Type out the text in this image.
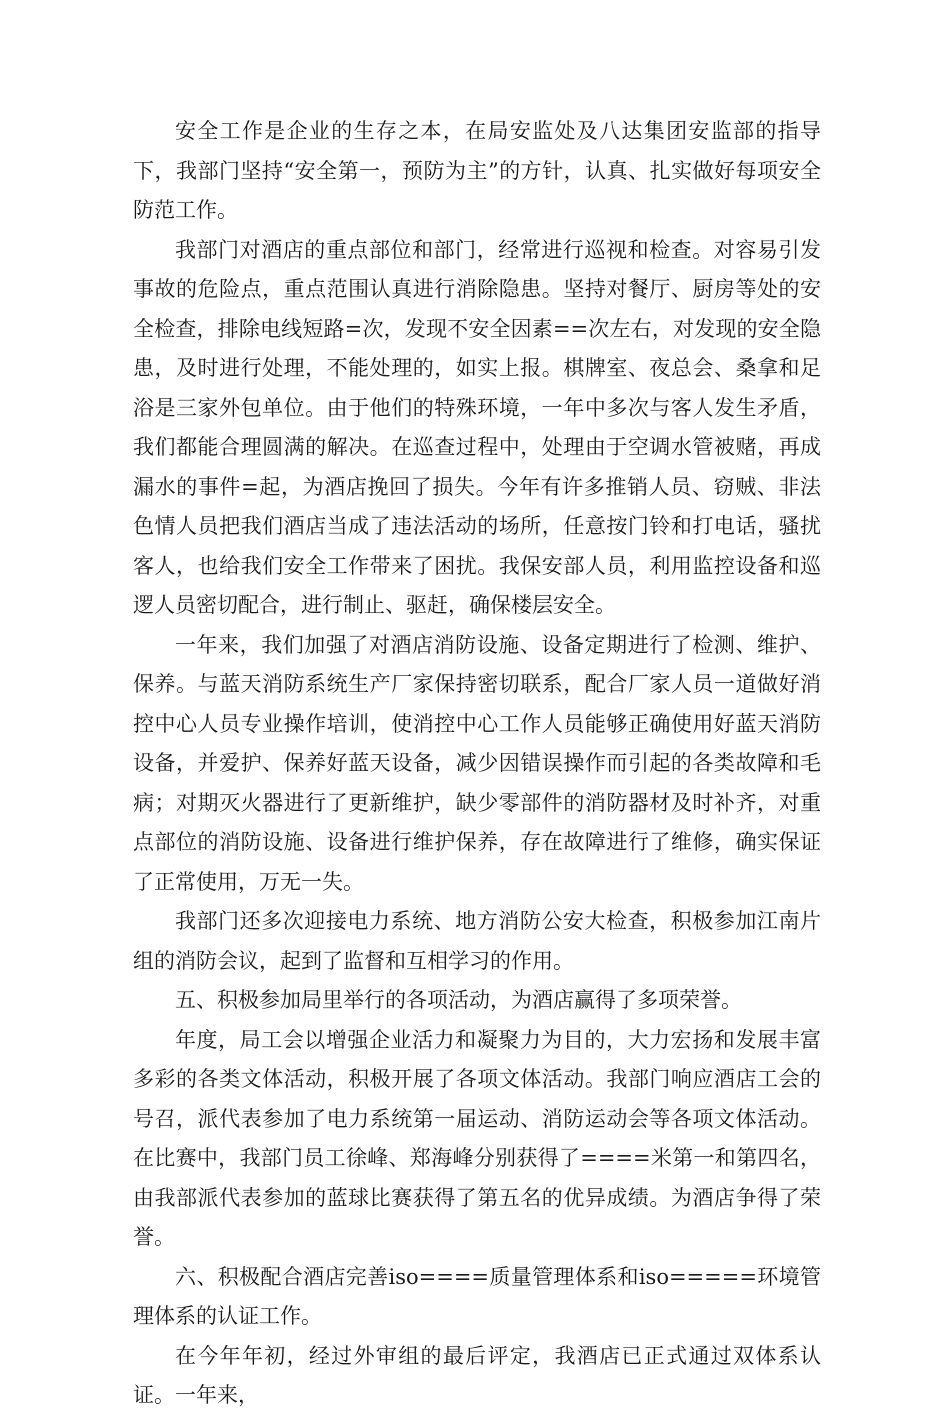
安全工作是企业的生存之本，在局安监处及八达集团安监部的指导下，我部门坚持“安全第一，预防为主”的方针，认真、扎实做好每项安全防范工作。

我部门对酒店的重点部位和部门，经常进行巡视和检查。对容易引发事故的危险点，重点范围认真进行消除隐患。坚持对餐厅、厨房等处的安全检查，排除电线短路=次，发现不安全因素==次左右，对发现的安全隐患，及时进行处理，不能处理的，如实上报。棋牌室、夜总会、桑拿和足浴是三家外包单位。由于他们的特殊环境，一年中多次与客人发生矛盾，我们都能合理圆满的解决。在巡查过程中，处理由于空调水管被赌，再成漏水的事件=起，为酒店挽回了损失。今年有许多推销人员、窃贼、非法色情人员把我们酒店当成了违法活动的场所，任意按门铃和打电话，骚扰客人，也给我们安全工作带来了困扰。我保安部人员，利用监控设备和巡逻人员密切配合，进行制止、驱赶，确保楼层安全。

一年来，我们加强了对酒店消防设施、设备定期进行了检测、维护、保养。与蓝天消防系统生产厂家保持密切联系，配合厂家人员一道做好消控中心人员专业操作培训，使消控中心工作人员能够正确使用好蓝天消防设备，并爱护、保养好蓝天设备，减少因错误操作而引起的各类故障和毛病；对期灭火器进行了更新维护，缺少零部件的消防器材及时补齐，对重点部位的消防设施、设备进行维护保养，存在故障进行了维修，确实保证了正常使用，万无一失。

我部门还多次迎接电力系统、地方消防公安大检查，积极参加江南片组的消防会议，起到了监督和互相学习的作用。

五、积极参加局里举行的各项活动，为酒店赢得了多项荣誉。

年度，局工会以增强企业活力和凝聚力为目的，大力宏扬和发展丰富多彩的各类文体活动，积极开展了各项文体活动。我部门响应酒店工会的号召，派代表参加了电力系统第一届运动、消防运动会等各项文体活动。在比赛中，我部门员工徐峰、郑海峰分别获得了====米第一和第四名，由我部派代表参加的蓝球比赛获得了第五名的优异成绩。为酒店争得了荣誉。

六、积极配合酒店完善iso====质量管理体系和iso=====环境管理体系的认证工作。

在今年年初，经过外审组的最后评定，我酒店已正式通过双体系认证。一年来，
